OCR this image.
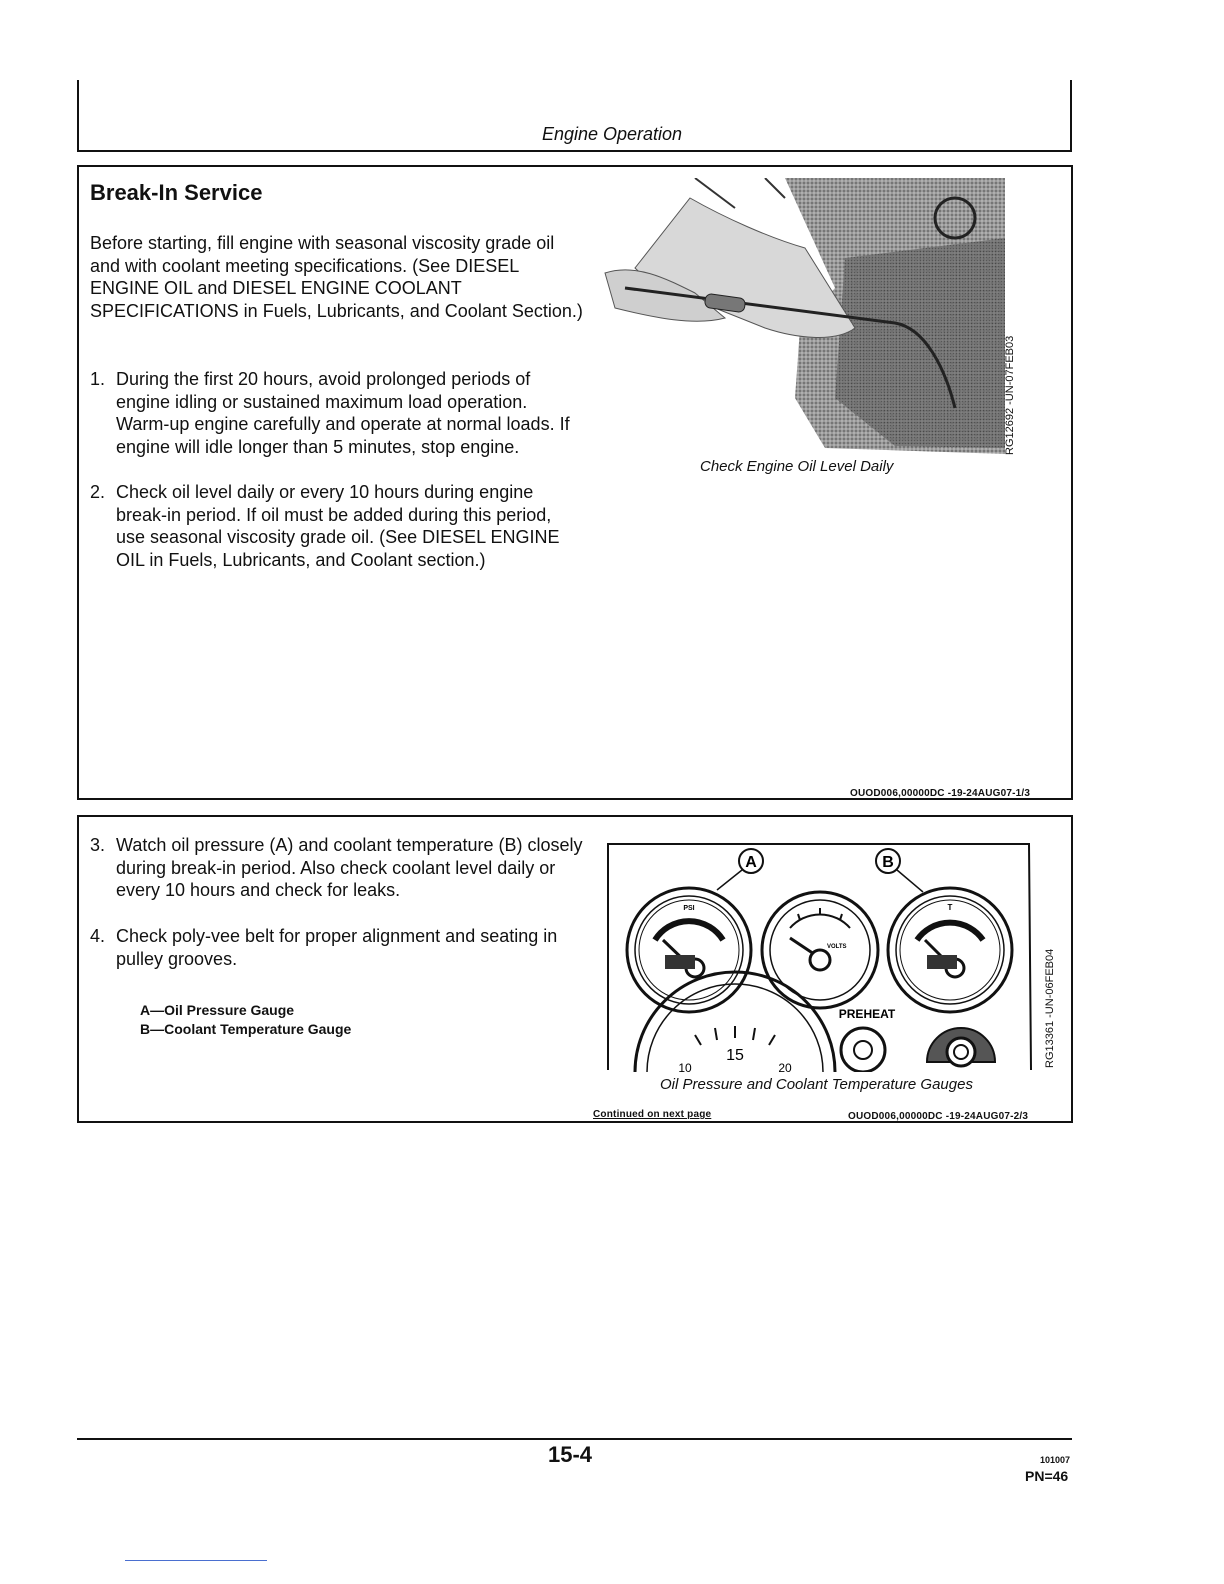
Engine Operation
Break-In Service
Before starting, fill engine with seasonal viscosity grade oil and with coolant meeting specifications. (See DIESEL ENGINE OIL and DIESEL ENGINE COOLANT SPECIFICATIONS in Fuels, Lubricants, and Coolant Section.)
1. During the first 20 hours, avoid prolonged periods of engine idling or sustained maximum load operation. Warm-up engine carefully and operate at normal loads. If engine will idle longer than 5 minutes, stop engine.
2. Check oil level daily or every 10 hours during engine break-in period. If oil must be added during this period, use seasonal viscosity grade oil. (See DIESEL ENGINE OIL in Fuels, Lubricants, and Coolant section.)
RG12692 -UN-07FEB03
Check Engine Oil Level Daily
OUOD006,00000DC -19-24AUG07-1/3
3. Watch oil pressure (A) and coolant temperature (B) closely during break-in period. Also check coolant level daily or every 10 hours and check for leaks.
4. Check poly-vee belt for proper alignment and seating in pulley grooves.
A—Oil Pressure Gauge
B—Coolant Temperature Gauge
A	B
PSI
VOLTS
T
15
10	20
PREHEAT	RG13361 -UN-06FEB04
Oil Pressure and Coolant Temperature Gauges
Continued on next page	OUOD006,00000DC -19-24AUG07-2/3
15-4	101007
PN=46
